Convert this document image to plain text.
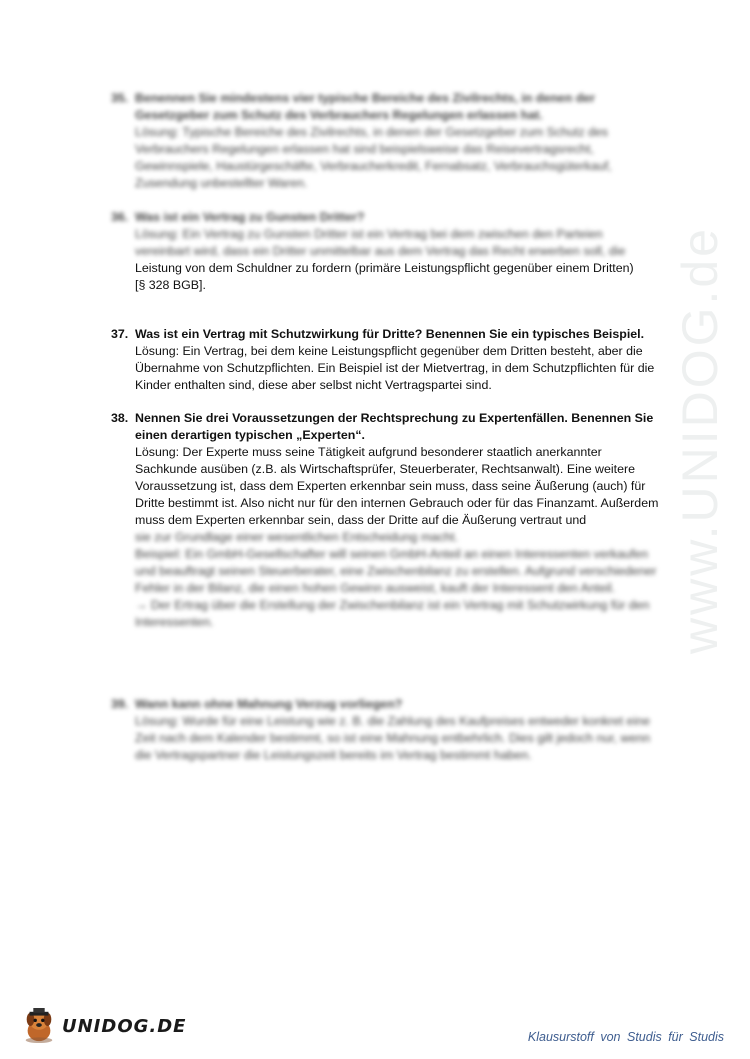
www.UNIDOG.de
35. Benennen Sie mindestens vier typische Bereiche des Zivilrechts, in denen der Gesetzgeber zum Schutz des Verbrauchers Regelungen erlassen hat.
Lösung: Typische Bereiche des Zivilrechts, in denen der Gesetzgeber zum Schutz des Verbrauchers Regelungen erlassen hat sind beispielsweise das Reisevertragsrecht, Gewinnspiele, Haustürgeschäfte, Verbraucherkredit, Fernabsatz, Verbrauchsgüterkauf, Zusendung unbestellter Waren.
36. Was ist ein Vertrag zu Gunsten Dritter?
Lösung: Ein Vertrag zu Gunsten Dritter ist ein Vertrag bei dem zwischen den Parteien vereinbart wird, dass ein Dritter unmittelbar aus dem Vertrag das Recht erwerben soll, die
Leistung von dem Schuldner zu fordern (primäre Leistungspflicht gegenüber einem Dritten)
[§ 328 BGB].
37. Was ist ein Vertrag mit Schutzwirkung für Dritte? Benennen Sie ein typisches Beispiel.
Lösung: Ein Vertrag, bei dem keine Leistungspflicht gegenüber dem Dritten besteht, aber die Übernahme von Schutzpflichten. Ein Beispiel ist der Mietvertrag, in dem Schutzpflichten für die Kinder enthalten sind, diese aber selbst nicht Vertragspartei sind.
38. Nennen Sie drei Voraussetzungen der Rechtsprechung zu Expertenfällen. Benennen Sie einen derartigen typischen „Experten“.
Lösung: Der Experte muss seine Tätigkeit aufgrund besonderer staatlich anerkannter Sachkunde ausüben (z.B. als Wirtschaftsprüfer, Steuerberater, Rechtsanwalt). Eine weitere Voraussetzung ist, dass dem Experten erkennbar sein muss, dass seine Äußerung (auch) für Dritte bestimmt ist. Also nicht nur für den internen Gebrauch oder für das Finanzamt. Außerdem muss dem Experten erkennbar sein, dass der Dritte auf die Äußerung vertraut und
sie zur Grundlage einer wesentlichen Entscheidung macht.
Beispiel: Ein GmbH-Gesellschafter will seinen GmbH-Anteil an einen Interessenten verkaufen und beauftragt seinen Steuerberater, eine Zwischenbilanz zu erstellen. Aufgrund verschiedener Fehler in der Bilanz, die einen hohen Gewinn ausweist, kauft der Interessent den Anteil.
→ Der Ertrag über die Erstellung der Zwischenbilanz ist ein Vertrag mit Schutzwirkung für den Interessenten.
39. Wann kann ohne Mahnung Verzug vorliegen?
Lösung: Wurde für eine Leistung wie z. B. die Zahlung des Kaufpreises entweder konkret eine Zeit nach dem Kalender bestimmt, so ist eine Mahnung entbehrlich. Dies gilt jedoch nur, wenn die Vertragspartner die Leistungszeit bereits im Vertrag bestimmt haben.
UNIDOG.DE
Klausurstoff von Studis für Studis
